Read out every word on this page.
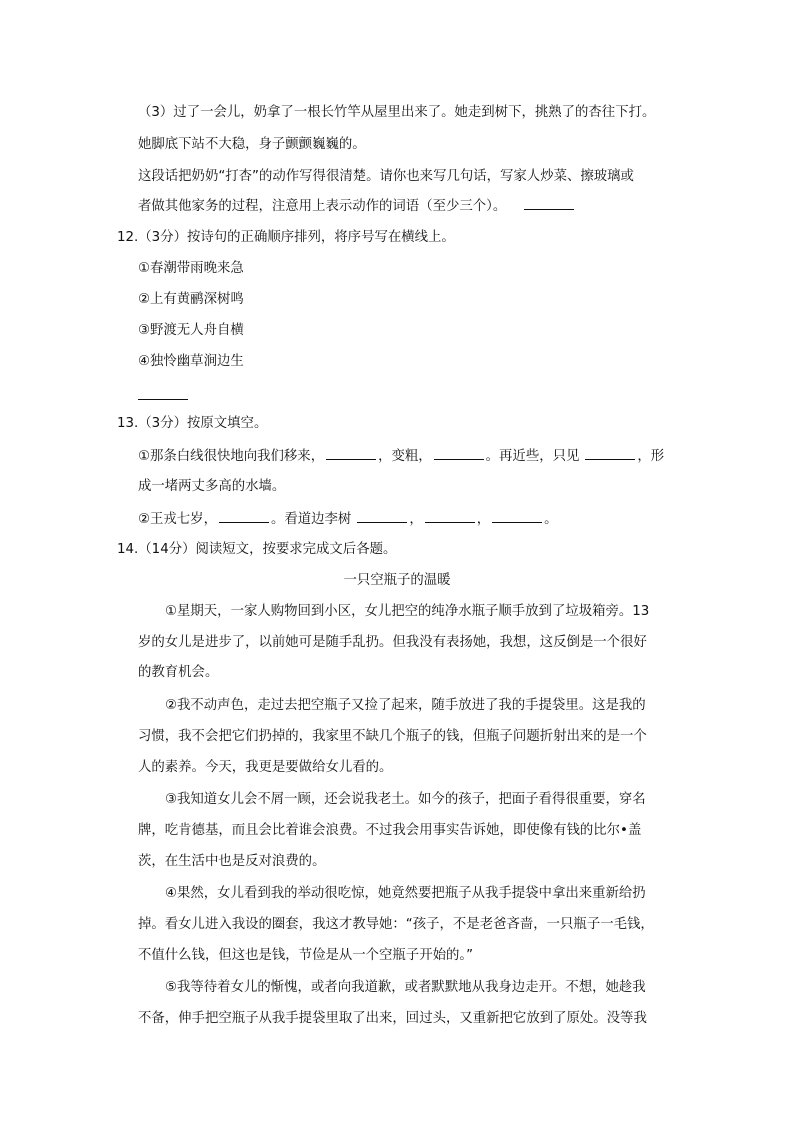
（3）过了一会儿，奶拿了一根长竹竿从屋里出来了。她走到树下，挑熟了的杏往下打。
她脚底下站不大稳，身子颤颤巍巍的。
这段话把奶奶“打杏”的动作写得很清楚。请你也来写几句话，写家人炒菜、擦玻璃或
者做其他家务的过程，注意用上表示动作的词语（至少三个）。
12.（3分）按诗句的正确顺序排列，将序号写在横线上。
①春潮带雨晚来急
②上有黄鹂深树鸣
③野渡无人舟自横
④独怜幽草涧边生
13.（3分）按原文填空。
①那条白线很快地向我们移来，	，变粗，	。再近些，只见	，形
成一堵两丈多高的水墙。
②王戎七岁，	。看道边李树	，	，	。
14.（14分）阅读短文，按要求完成文后各题。
一只空瓶子的温暖
①星期天，一家人购物回到小区，女儿把空的纯净水瓶子顺手放到了垃圾箱旁。13
岁的女儿是进步了，以前她可是随手乱扔。但我没有表扬她，我想，这反倒是一个很好
的教育机会。
②我不动声色，走过去把空瓶子又捡了起来，随手放进了我的手提袋里。这是我的
习惯，我不会把它们扔掉的，我家里不缺几个瓶子的钱，但瓶子问题折射出来的是一个
人的素养。今天，我更是要做给女儿看的。
③我知道女儿会不屑一顾，还会说我老土。如今的孩子，把面子看得很重要，穿名
牌，吃肯德基，而且会比着谁会浪费。不过我会用事实告诉她，即使像有钱的比尔•盖
茨，在生活中也是反对浪费的。
④果然，女儿看到我的举动很吃惊，她竟然要把瓶子从我手提袋中拿出来重新给扔
掉。看女儿进入我设的圈套，我这才教导她：“孩子，不是老爸吝啬，一只瓶子一毛钱，
不值什么钱，但这也是钱，节俭是从一个空瓶子开始的。”
⑤我等待着女儿的惭愧，或者向我道歉，或者默默地从我身边走开。不想，她趁我
不备，伸手把空瓶子从我手提袋里取了出来，回过头，又重新把它放到了原处。没等我
